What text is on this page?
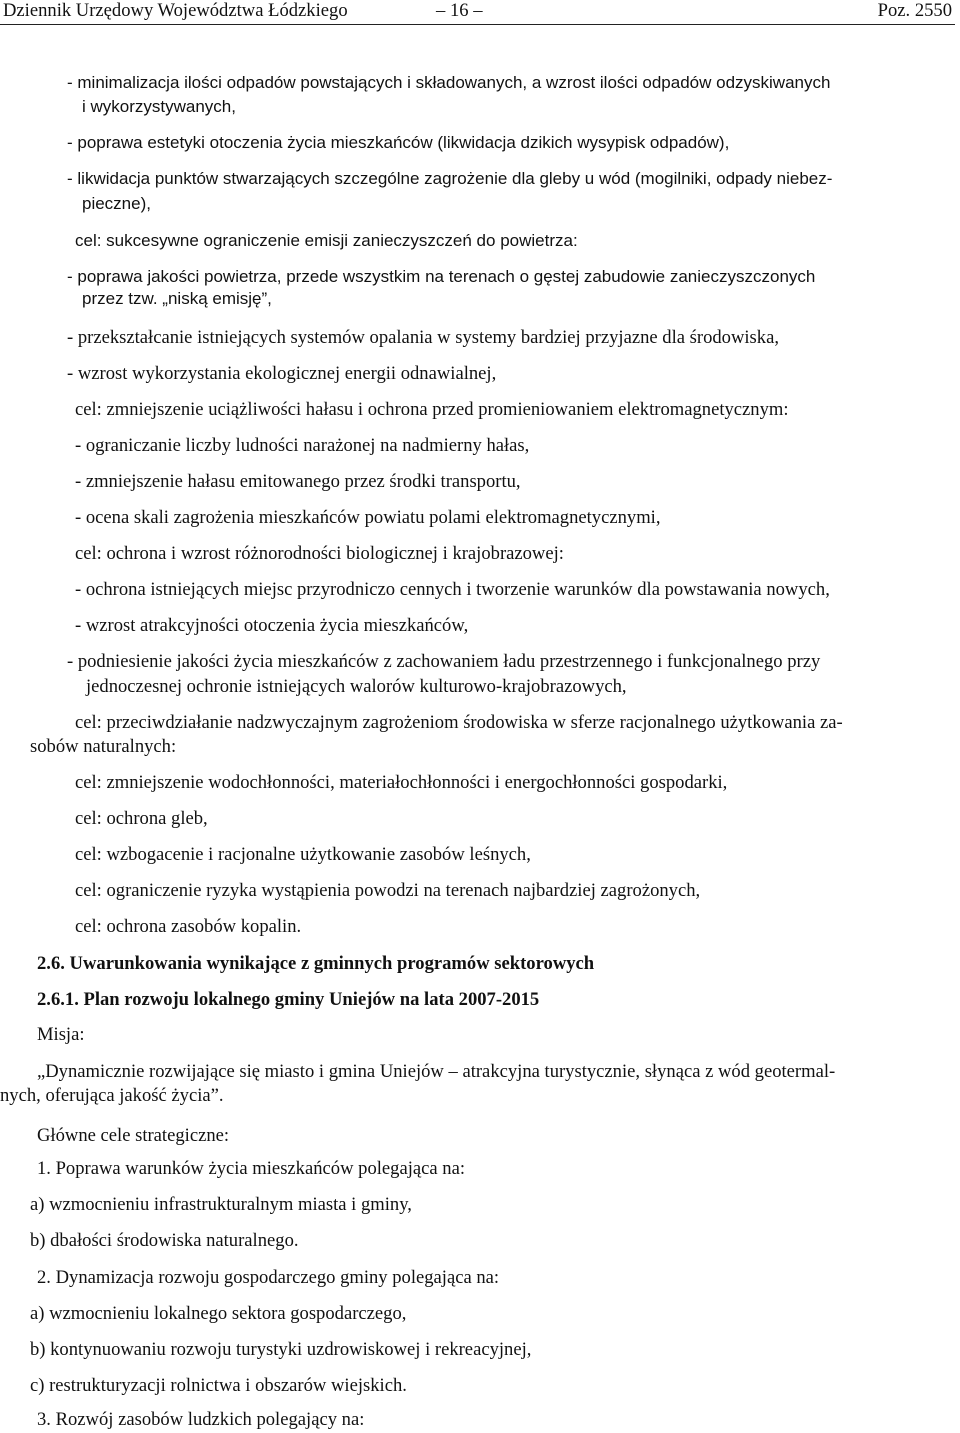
Dziennik Urzędowy Województwa Łódzkiego	– 16 –	Poz. 2550
- minimalizacja ilości odpadów powstających i składowanych, a wzrost ilości odpadów odzyskiwanych
i wykorzystywanych,
- poprawa estetyki otoczenia życia mieszkańców (likwidacja dzikich wysypisk odpadów),
- likwidacja punktów stwarzających szczególne zagrożenie dla gleby u wód (mogilniki, odpady niebez-
pieczne),
cel: sukcesywne ograniczenie emisji zanieczyszczeń do powietrza:
- poprawa jakości powietrza, przede wszystkim na terenach o gęstej zabudowie zanieczyszczonych
przez tzw. „niską emisję”,
- przekształcanie istniejących systemów opalania w systemy bardziej przyjazne dla środowiska,
- wzrost wykorzystania ekologicznej energii odnawialnej,
cel: zmniejszenie uciążliwości hałasu i ochrona przed promieniowaniem elektromagnetycznym:
- ograniczanie liczby ludności narażonej na nadmierny hałas,
- zmniejszenie hałasu emitowanego przez środki transportu,
- ocena skali zagrożenia mieszkańców powiatu polami elektromagnetycznymi,
cel: ochrona i wzrost różnorodności biologicznej i krajobrazowej:
- ochrona istniejących miejsc przyrodniczo cennych i tworzenie warunków dla powstawania nowych,
- wzrost atrakcyjności otoczenia życia mieszkańców,
- podniesienie jakości życia mieszkańców z zachowaniem ładu przestrzennego i funkcjonalnego przy
jednoczesnej ochronie istniejących walorów kulturowo-krajobrazowych,
cel: przeciwdziałanie nadzwyczajnym zagrożeniom środowiska w sferze racjonalnego użytkowania za-
sobów naturalnych:
cel: zmniejszenie wodochłonności, materiałochłonności i energochłonności gospodarki,
cel: ochrona gleb,
cel: wzbogacenie i racjonalne użytkowanie zasobów leśnych,
cel: ograniczenie ryzyka wystąpienia powodzi na terenach najbardziej zagrożonych,
cel: ochrona zasobów kopalin.
2.6. Uwarunkowania wynikające z gminnych programów sektorowych
2.6.1. Plan rozwoju lokalnego gminy Uniejów na lata 2007-2015
Misja:
„Dynamicznie rozwijające się miasto i gmina Uniejów – atrakcyjna turystycznie, słynąca z wód geotermal-
nych, oferująca jakość życia”.
Główne cele strategiczne:
1. Poprawa warunków życia mieszkańców polegająca na:
a) wzmocnieniu infrastrukturalnym miasta i gminy,
b) dbałości środowiska naturalnego.
2. Dynamizacja rozwoju gospodarczego gminy polegająca na:
a) wzmocnieniu lokalnego sektora gospodarczego,
b) kontynuowaniu rozwoju turystyki uzdrowiskowej i rekreacyjnej,
c) restrukturyzacji rolnictwa i obszarów wiejskich.
3. Rozwój zasobów ludzkich polegający na:
